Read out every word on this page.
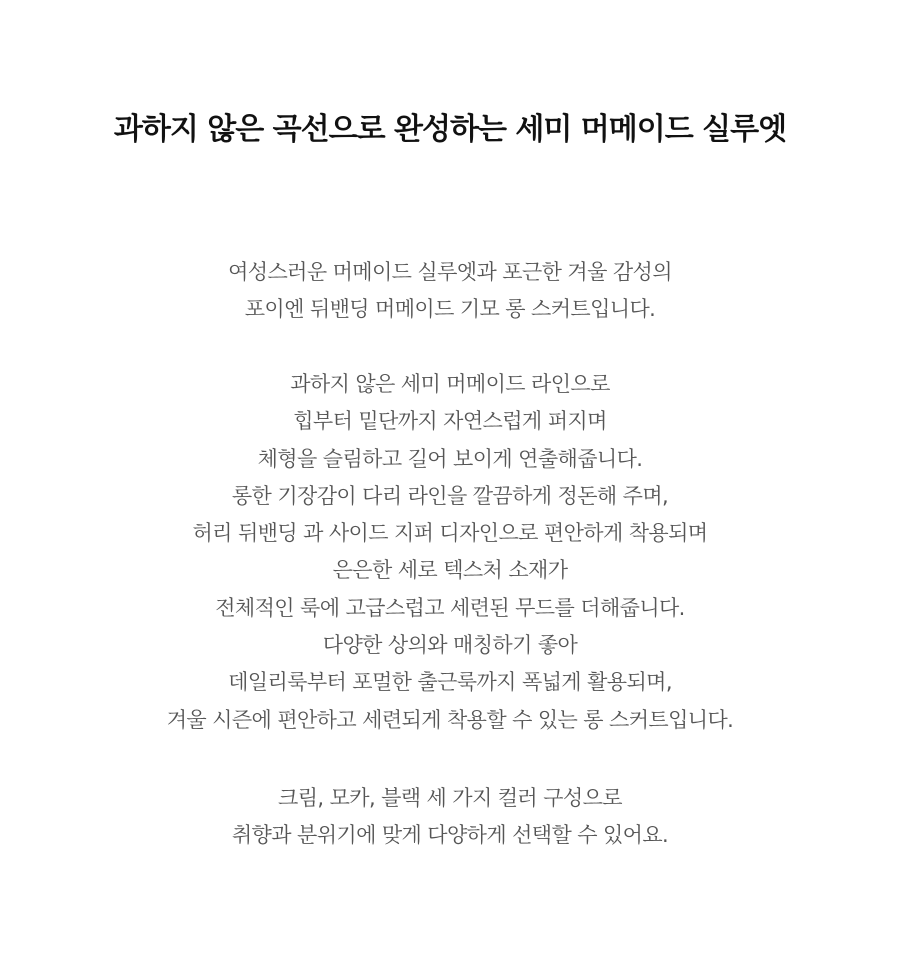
과하지 않은 곡선으로 완성하는 세미 머메이드 실루엣
여성스러운 머메이드 실루엣과 포근한 겨울 감성의
포이엔 뒤밴딩 머메이드 기모 롱 스커트입니다.
과하지 않은 세미 머메이드 라인으로
힙부터 밑단까지 자연스럽게 퍼지며
체형을 슬림하고 길어 보이게 연출해줍니다.
롱한 기장감이 다리 라인을 깔끔하게 정돈해 주며,
허리 뒤밴딩 과 사이드 지퍼 디자인으로 편안하게 착용되며
은은한 세로 텍스처 소재가
전체적인 룩에 고급스럽고 세련된 무드를 더해줍니다.
다양한 상의와 매칭하기 좋아
데일리룩부터 포멀한 출근룩까지 폭넓게 활용되며,
겨울 시즌에 편안하고 세련되게 착용할 수 있는 롱 스커트입니다.
크림, 모카, 블랙 세 가지 컬러 구성으로
취향과 분위기에 맞게 다양하게 선택할 수 있어요.
